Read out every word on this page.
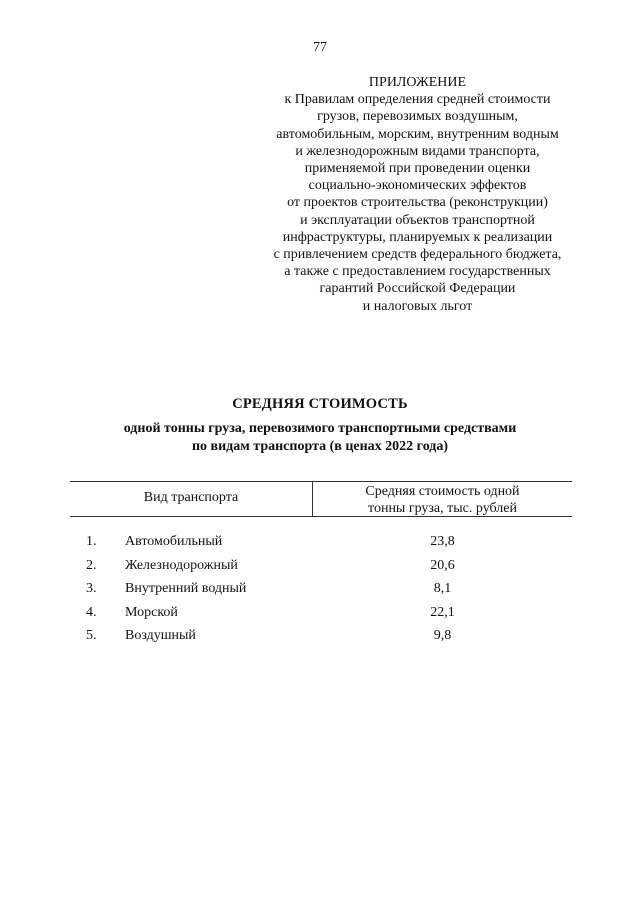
77
ПРИЛОЖЕНИЕ
к Правилам определения средней стоимости
грузов, перевозимых воздушным,
автомобильным, морским, внутренним водным
и железнодорожным видами транспорта,
применяемой при проведении оценки
социально-экономических эффектов
от проектов строительства (реконструкции)
и эксплуатации объектов транспортной
инфраструктуры, планируемых к реализации
с привлечением средств федерального бюджета,
а также с предоставлением государственных
гарантий Российской Федерации
и налоговых льгот
СРЕДНЯЯ СТОИМОСТЬ
одной тонны груза, перевозимого транспортными средствами
по видам транспорта (в ценах 2022 года)
Вид транспорта	Средняя стоимость одной
тонны груза, тыс. рублей
1. Автомобильный	23,8
2. Железнодорожный	20,6
3. Внутренний водный	8,1
4. Морской	22,1
5. Воздушный	9,8
